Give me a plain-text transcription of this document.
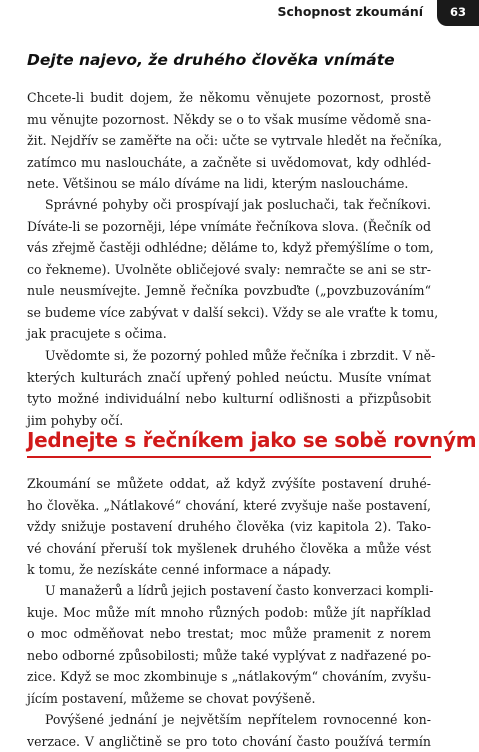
Schopnost zkoumání	63
Dejte najevo, že druhého člověka vnímáte

Chcete-li budit dojem, že někomu věnujete pozornost, prostě
mu věnujte pozornost. Někdy se o to však musíme vědomě sna-
žit. Nejdřív se zaměřte na oči: učte se vytrvale hledět na řečníka,
zatímco mu nasloucháte, a začněte si uvědomovat, kdy odhléd-
nete. Většinou se málo díváme na lidi, kterým nasloucháme.

Správné pohyby oči prospívají jak posluchači, tak řečníkovi.
Díváte-li se pozorněji, lépe vnímáte řečníkova slova. (Řečník od
vás zřejmě častěji odhlédne; děláme to, když přemýšlíme o tom,
co řekneme). Uvolněte obličejové svaly: nemračte se ani se str-
nule neusmívejte. Jemně řečníka povzbuďte („povzbuzováním“
se budeme více zabývat v další sekci). Vždy se ale vraťte k tomu,
jak pracujete s očima.

Uvědomte si, že pozorný pohled může řečníka i zbrzdit. V ně-
kterých kulturách značí upřený pohled neúctu. Musíte vnímat
tyto možné individuální nebo kulturní odlišnosti a přizpůsobit
jim pohyby očí.

Jednejte s řečníkem jako se sobě rovným

Zkoumání se můžete oddat, až když zvýšíte postavení druhé-
ho člověka. „Nátlakové“ chování, které zvyšuje naše postavení,
vždy snižuje postavení druhého člověka (viz kapitola 2). Tako-
vé chování přeruší tok myšlenek druhého člověka a může vést
k tomu, že nezískáte cenné informace a nápady.

U manažerů a lídrů jejich postavení často konverzaci kompli-
kuje. Moc může mít mnoho různých podob: může jít například
o moc odměňovat nebo trestat; moc může pramenit z norem
nebo odborné způsobilosti; může také vyplývat z nadřazené po-
zice. Když se moc zkombinuje s „nátlakovým“ chováním, zvyšu-
jícím postavení, můžeme se chovat povýšeně.

Povýšené jednání je největším nepřítelem rovnocenné kon-
verzace. V angličtině se pro toto chování často používá termín
